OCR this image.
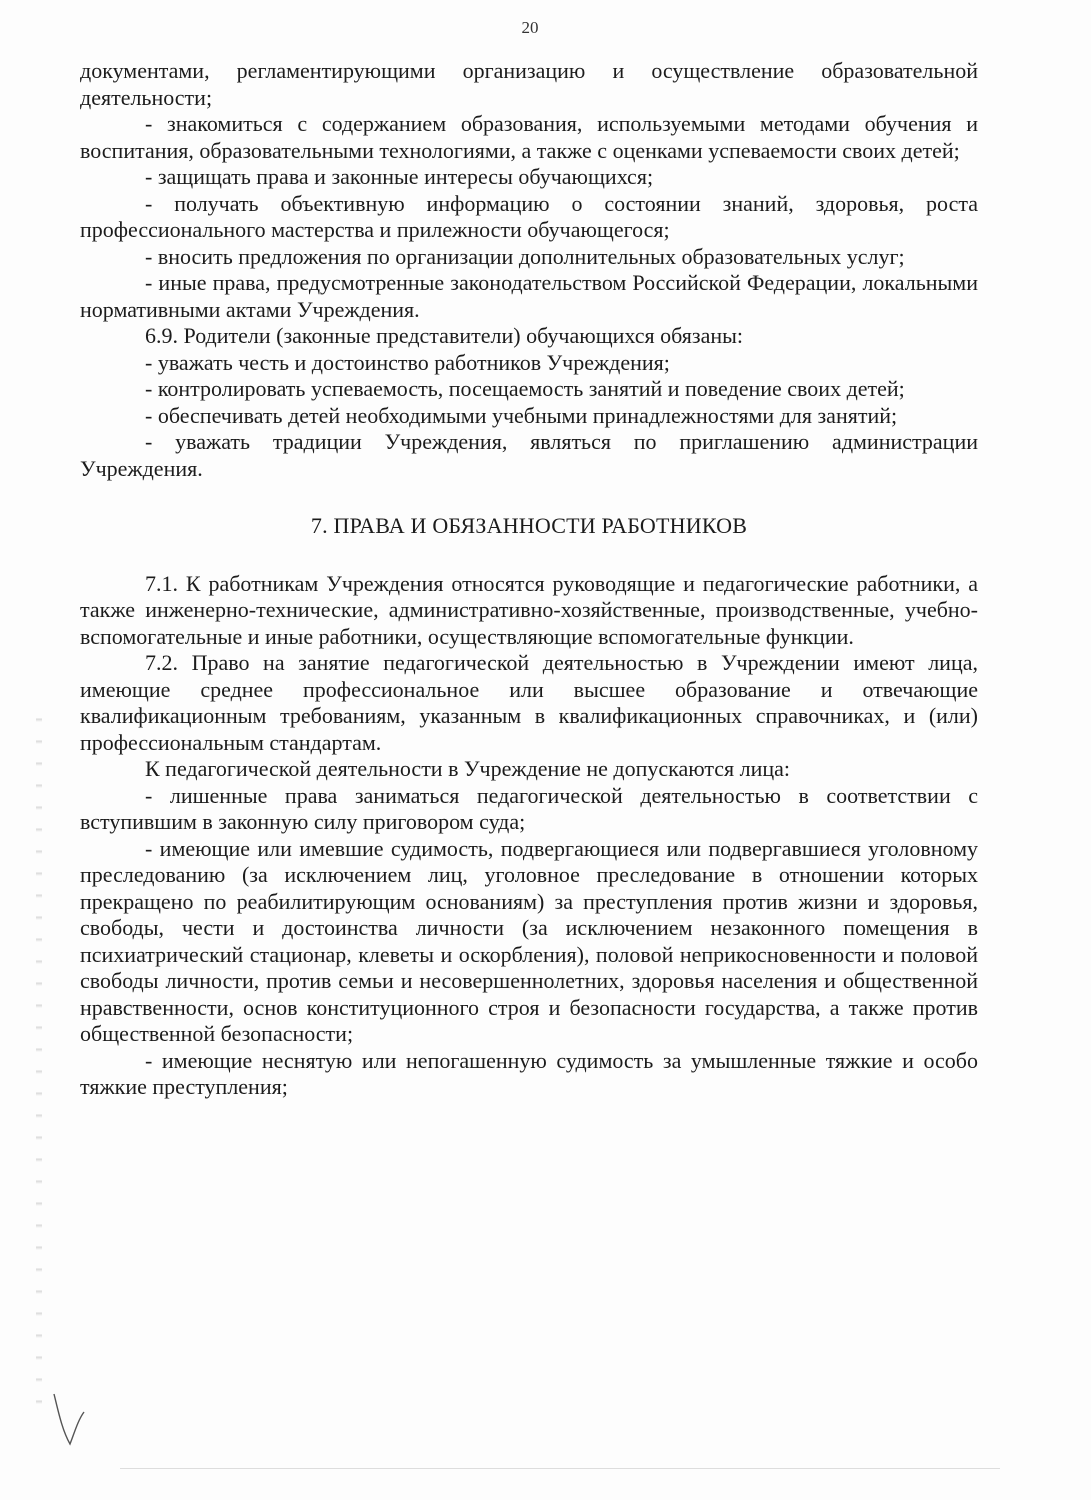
20

документами, регламентирующими организацию и осуществление образовательной деятельности;

- знакомиться с содержанием образования, используемыми методами обучения и воспитания, образовательными технологиями, а также с оценками успеваемости своих детей;

- защищать права и законные интересы обучающихся;

- получать объективную информацию о состоянии знаний, здоровья, роста профессионального мастерства и прилежности обучающегося;

- вносить предложения по организации дополнительных образовательных услуг;

- иные права, предусмотренные законодательством Российской Федерации, локальными нормативными актами Учреждения.

6.9. Родители (законные представители) обучающихся обязаны:

- уважать честь и достоинство работников Учреждения;

- контролировать успеваемость, посещаемость занятий и поведение своих детей;

- обеспечивать детей необходимыми учебными принадлежностями для занятий;

- уважать традиции Учреждения, являться по приглашению администрации Учреждения.

7. ПРАВА И ОБЯЗАННОСТИ РАБОТНИКОВ

7.1. К работникам Учреждения относятся руководящие и педагогические работники, а также инженерно-технические, административно-хозяйственные, производственные, учебно-вспомогательные и иные работники, осуществляющие вспомогательные функции.

7.2. Право на занятие педагогической деятельностью в Учреждении имеют лица, имеющие среднее профессиональное или высшее образование и отвечающие квалификационным требованиям, указанным в квалификационных справочниках, и (или) профессиональным стандартам.

К педагогической деятельности в Учреждение не допускаются лица:

- лишенные права заниматься педагогической деятельностью в соответствии с вступившим в законную силу приговором суда;

- имеющие или имевшие судимость, подвергающиеся или подвергавшиеся уголовному преследованию (за исключением лиц, уголовное преследование в отношении которых прекращено по реабилитирующим основаниям) за преступления против жизни и здоровья, свободы, чести и достоинства личности (за исключением незаконного помещения в психиатрический стационар, клеветы и оскорбления), половой неприкосновенности и половой свободы личности, против семьи и несовершеннолетних, здоровья населения и общественной нравственности, основ конституционного строя и безопасности государства, а также против общественной безопасности;

- имеющие неснятую или непогашенную судимость за умышленные тяжкие и особо тяжкие преступления;
